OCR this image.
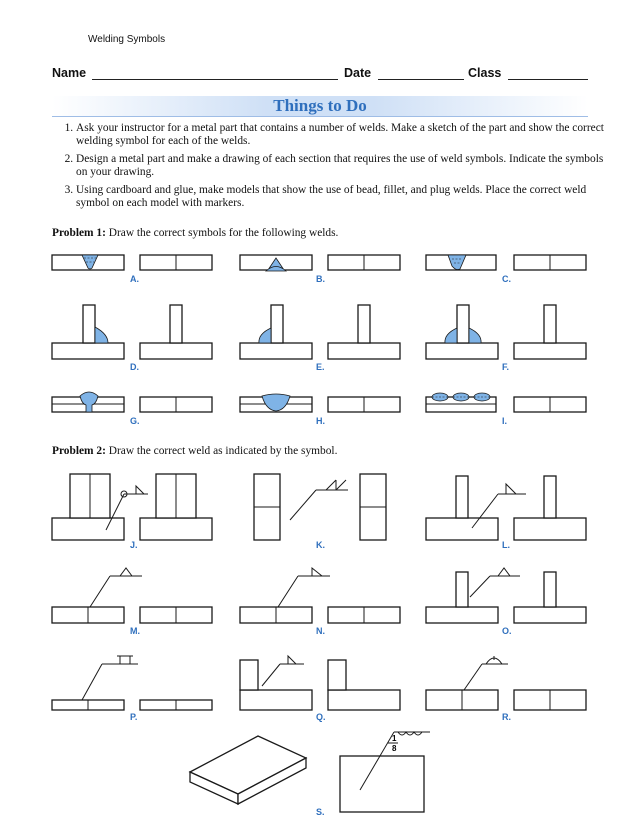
Welding Symbols
Name	Date	Class
Things to Do
1. Ask your instructor for a metal part that contains a number of welds. Make a sketch of the part and show the correct welding symbol for each of the welds.
2. Design a metal part and make a drawing of each section that requires the use of weld symbols. Indicate the symbols on your drawing.
3. Using cardboard and glue, make models that show the use of bead, fillet, and plug welds. Place the correct weld symbol on each model with markers.
Problem 1: Draw the correct symbols for the following welds.
Problem 2: Draw the correct weld as indicated by the symbol.
1
8
A.	B.	C.
D.	E.	F.
G.	H.	I.
J.	K.	L.
M.	N.	O.
P.	Q.	R.
S.
